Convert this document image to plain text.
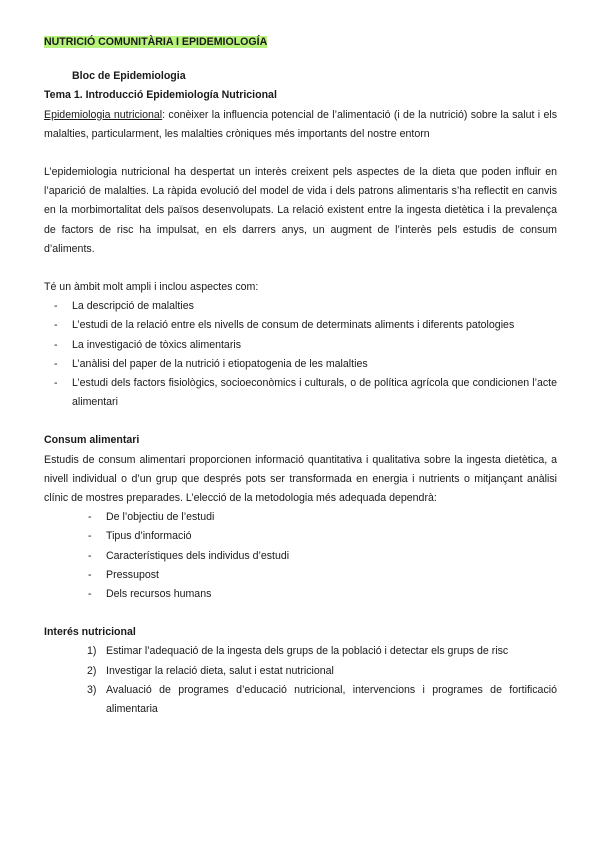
NUTRICIÓ COMUNITÀRIA I EPIDEMIOLOGÍA
Bloc de Epidemiologia
Tema 1. Introducció Epidemiología Nutricional

Epidemiologia nutricional: conèixer la influencia potencial de l’alimentació (i de la nutrició) sobre la salut i els malalties, particularment, les malalties cròniques més importants del nostre entorn

L’epidemiologia nutricional ha despertat un interès creixent pels aspectes de la dieta que poden influir en l’aparició de malalties. La ràpida evolució del model de vida i dels patrons alimentaris s’ha reflectit en canvis en la morbimortalitat dels països desenvolupats. La relació existent entre la ingesta dietètica i la prevalença de factors de risc ha impulsat, en els darrers anys, un augment de l’interès pels estudis de consum d’aliments.

Té un àmbit molt ampli i inclou aspectes com:

- La descripció de malalties
- L’estudi de la relació entre els nivells de consum de determinats aliments i diferents patologies
- La investigació de tòxics alimentaris
- L’anàlisi del paper de la nutrició i etiopatogenia de les malalties
- L’estudi dels factors fisiològics, socioeconòmics i culturals, o de política agrícola que condicionen l’acte alimentari
Consum alimentari

Estudis de consum alimentari proporcionen informació quantitativa i qualitativa sobre la ingesta dietètica, a nivell individual o d’un grup que després pots ser transformada en energia i nutrients o mitjançant anàlisi clínic de mostres preparades. L’elecció de la metodologia més adequada dependrà:

- De l’objectiu de l’estudi
- Tipus d’informació
- Característiques dels individus d’estudi
- Pressupost
- Dels recursos humans
Interés nutricional
1) Estimar l’adequació de la ingesta dels grups de la població i detectar els grups de risc
2) Investigar la relació dieta, salut i estat nutricional
3) Avaluació de programes d’educació nutricional, intervencions i programes de fortificació alimentaria
